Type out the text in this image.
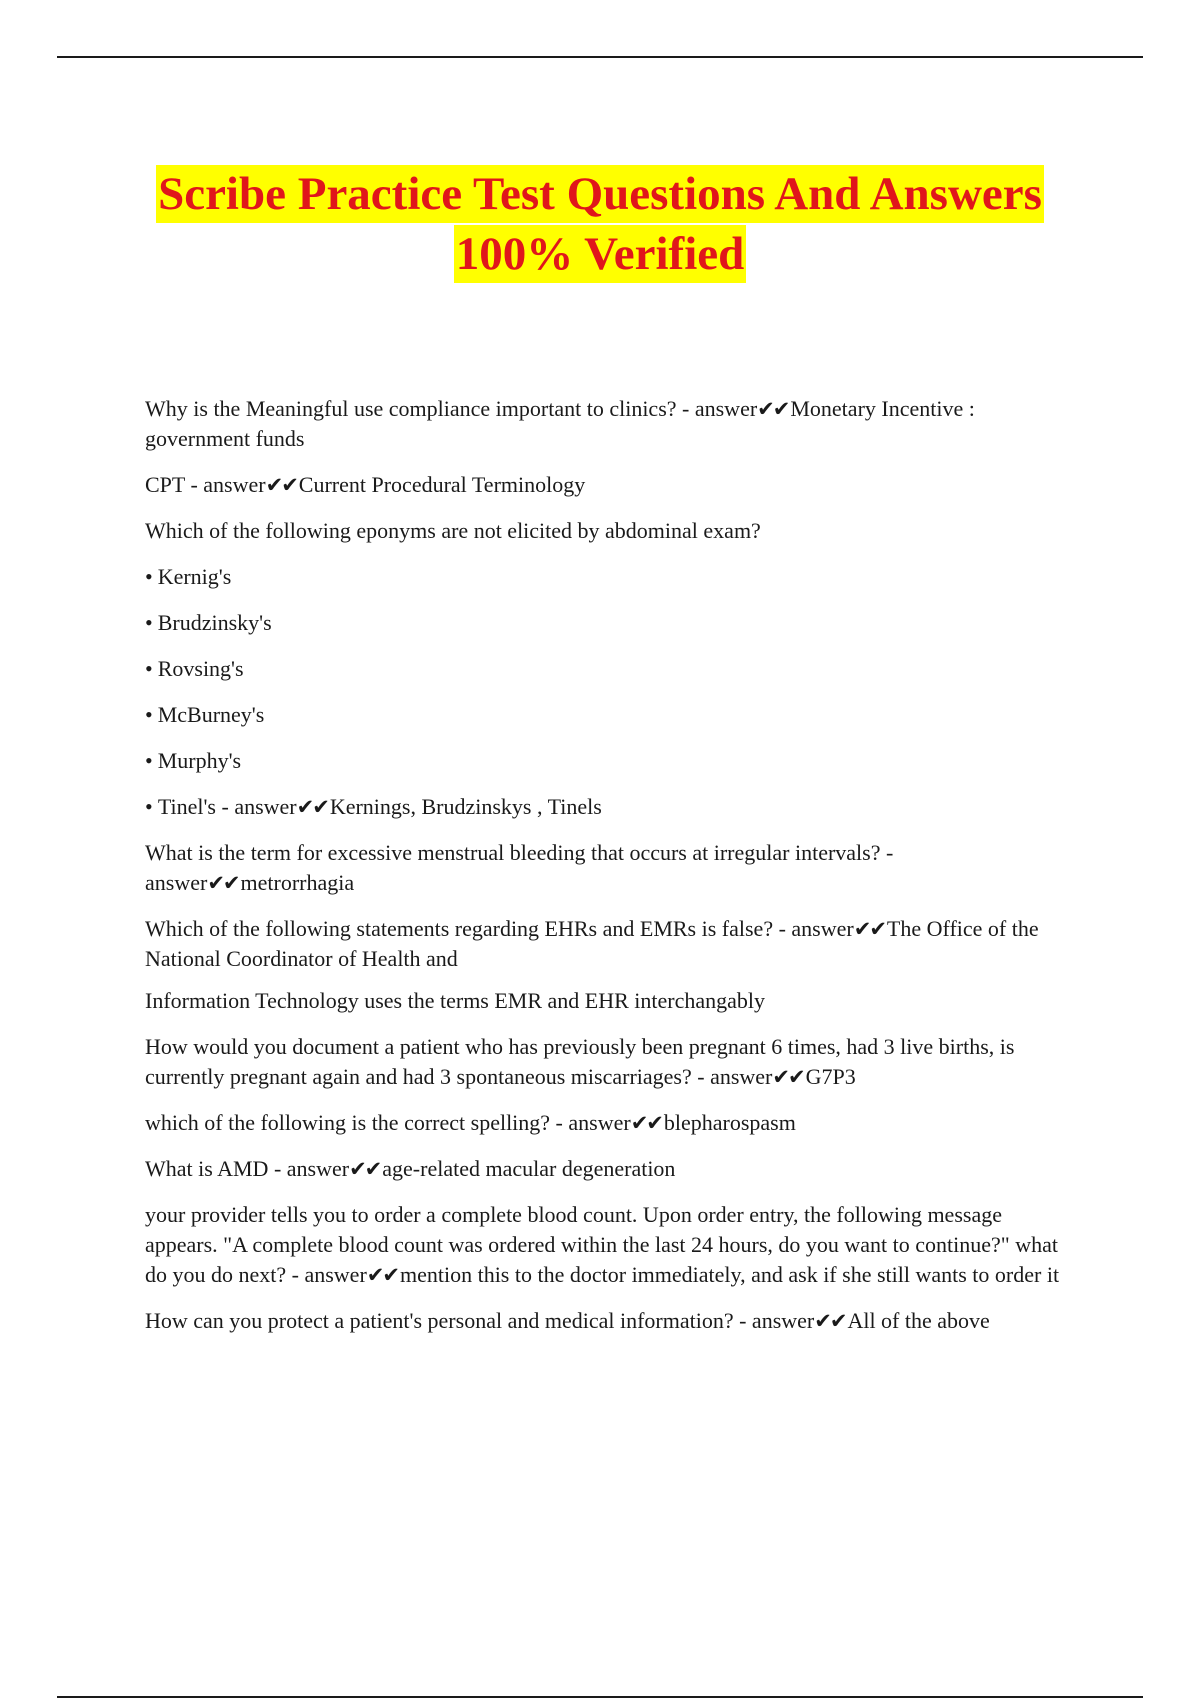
Scribe Practice Test Questions And Answers
100% Verified

Why is the Meaningful use compliance important to clinics? - answer✔✔Monetary Incentive : government funds

CPT - answer✔✔Current Procedural Terminology

Which of the following eponyms are not elicited by abdominal exam?

• Kernig's

• Brudzinsky's

• Rovsing's

• McBurney's

• Murphy's

• Tinel's - answer✔✔Kernings, Brudzinskys , Tinels

What is the term for excessive menstrual bleeding that occurs at irregular intervals? - answer✔✔metrorrhagia

Which of the following statements regarding EHRs and EMRs is false? - answer✔✔The Office of the National Coordinator of Health and

Information Technology uses the terms EMR and EHR interchangably

How would you document a patient who has previously been pregnant 6 times, had 3 live births, is currently pregnant again and had 3 spontaneous miscarriages? - answer✔✔G7P3

which of the following is the correct spelling? - answer✔✔blepharospasm

What is AMD - answer✔✔age-related macular degeneration

your provider tells you to order a complete blood count. Upon order entry, the following message appears. "A complete blood count was ordered within the last 24 hours, do you want to continue?" what do you do next? - answer✔✔mention this to the doctor immediately, and ask if she still wants to order it

How can you protect a patient's personal and medical information? - answer✔✔All of the above
